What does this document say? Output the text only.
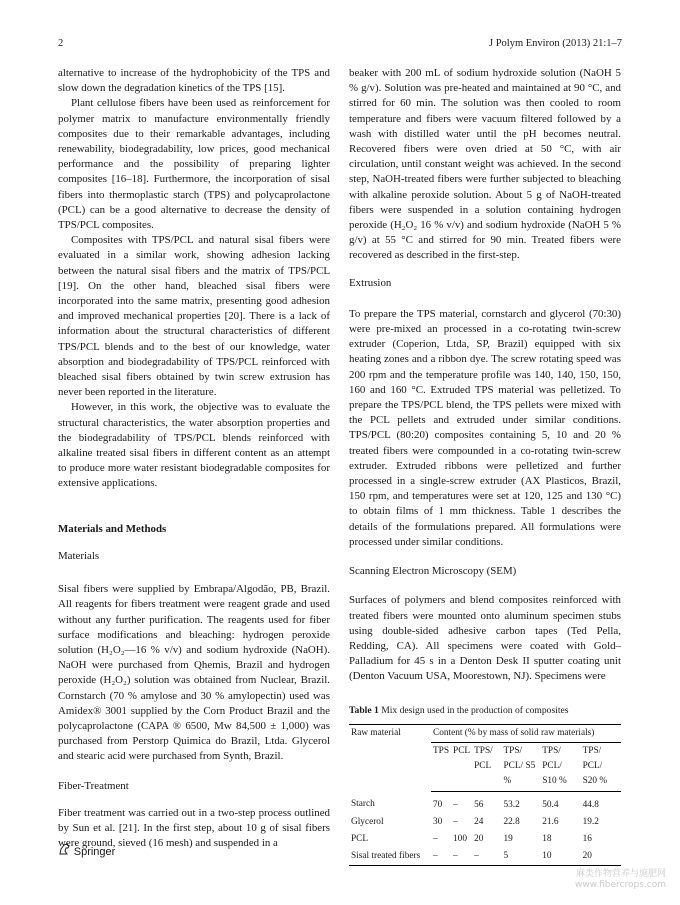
2	J Polym Environ (2013) 21:1–7

alternative to increase of the hydrophobicity of the TPS and slow down the degradation kinetics of the TPS [15].

Plant cellulose fibers have been used as reinforcement for polymer matrix to manufacture environmentally friendly composites due to their remarkable advantages, including renewability, biodegradability, low prices, good mechanical performance and the possibility of preparing lighter composites [16–18]. Furthermore, the incorporation of sisal fibers into thermoplastic starch (TPS) and polycaprolactone (PCL) can be a good alternative to decrease the density of TPS/PCL composites.

Composites with TPS/PCL and natural sisal fibers were evaluated in a similar work, showing adhesion lacking between the natural sisal fibers and the matrix of TPS/PCL [19]. On the other hand, bleached sisal fibers were incorporated into the same matrix, presenting good adhesion and improved mechanical properties [20]. There is a lack of information about the structural characteristics of different TPS/PCL blends and to the best of our knowledge, water absorption and biodegradability of TPS/PCL reinforced with bleached sisal fibers obtained by twin screw extrusion has never been reported in the literature.

However, in this work, the objective was to evaluate the structural characteristics, the water absorption properties and the biodegradability of TPS/PCL blends reinforced with alkaline treated sisal fibers in different content as an attempt to produce more water resistant biodegradable composites for extensive applications.

Materials and Methods

Materials

Sisal fibers were supplied by Embrapa/Algodão, PB, Brazil. All reagents for fibers treatment were reagent grade and used without any further purification. The reagents used for fiber surface modifications and bleaching: hydrogen peroxide solution (H₂O₂—16 % v/v) and sodium hydroxide (NaOH). NaOH were purchased from Qhemis, Brazil and hydrogen peroxide (H₂O₂) solution was obtained from Nuclear, Brazil. Cornstarch (70 % amylose and 30 % amylopectin) used was Amidex® 3001 supplied by the Corn Product Brazil and the polycaprolactone (CAPA ® 6500, Mw 84,500 ± 1,000) was purchased from Perstorp Quimica do Brazil, Ltda. Glycerol and stearic acid were purchased from Synth, Brazil.

Fiber-Treatment

Fiber treatment was carried out in a two-step process outlined by Sun et al. [21]. In the first step, about 10 g of sisal fibers were ground, sieved (16 mesh) and suspended in a

beaker with 200 mL of sodium hydroxide solution (NaOH 5 % g/v). Solution was pre-heated and maintained at 90 °C, and stirred for 60 min. The solution was then cooled to room temperature and fibers were vacuum filtered followed by a wash with distilled water until the pH becomes neutral. Recovered fibers were oven dried at 50 °C, with air circulation, until constant weight was achieved. In the second step, NaOH-treated fibers were further subjected to bleaching with alkaline peroxide solution. About 5 g of NaOH-treated fibers were suspended in a solution containing hydrogen peroxide (H₂O₂ 16 % v/v) and sodium hydroxide (NaOH 5 % g/v) at 55 °C and stirred for 90 min. Treated fibers were recovered as described in the first-step.

Extrusion

To prepare the TPS material, cornstarch and glycerol (70:30) were pre-mixed an processed in a co-rotating twin-screw extruder (Coperion, Ltda, SP, Brazil) equipped with six heating zones and a ribbon dye. The screw rotating speed was 200 rpm and the temperature profile was 140, 140, 150, 150, 160 and 160 °C. Extruded TPS material was pelletized. To prepare the TPS/PCL blend, the TPS pellets were mixed with the PCL pellets and extruded under similar conditions. TPS/PCL (80:20) composites containing 5, 10 and 20 % treated fibers were compounded in a co-rotating twin-screw extruder. Extruded ribbons were pelletized and further processed in a single-screw extruder (AX Plasticos, Brazil, 150 rpm, and temperatures were set at 120, 125 and 130 °C) to obtain films of 1 mm thickness. Table 1 describes the details of the formulations prepared. All formulations were processed under similar conditions.

Scanning Electron Microscopy (SEM)

Surfaces of polymers and blend composites reinforced with treated fibers were mounted onto aluminum specimen stubs using double-sided adhesive carbon tapes (Ted Pella, Redding, CA). All specimens were coated with Gold–Palladium for 45 s in a Denton Desk II sputter coating unit (Denton Vacuum USA, Moorestown, NJ). Specimens were

Table 1 Mix design used in the production of composites
Raw material	Content (% by mass of solid raw materials)					
	TPS	PCL	TPS/ PCL	TPS/ PCL/ S5 %	TPS/ PCL/ S10 %	TPS/ PCL/ S20 %
Starch	70	–	56	53.2	50.4	44.8
Glycerol	30	–	24	22.8	21.6	19.2
PCL	–	100	20	19	18	16
Sisal treated fibers	–	–	–	5	10	20
Springer
麻类作物营养与施肥网
www.fibercrops.com
